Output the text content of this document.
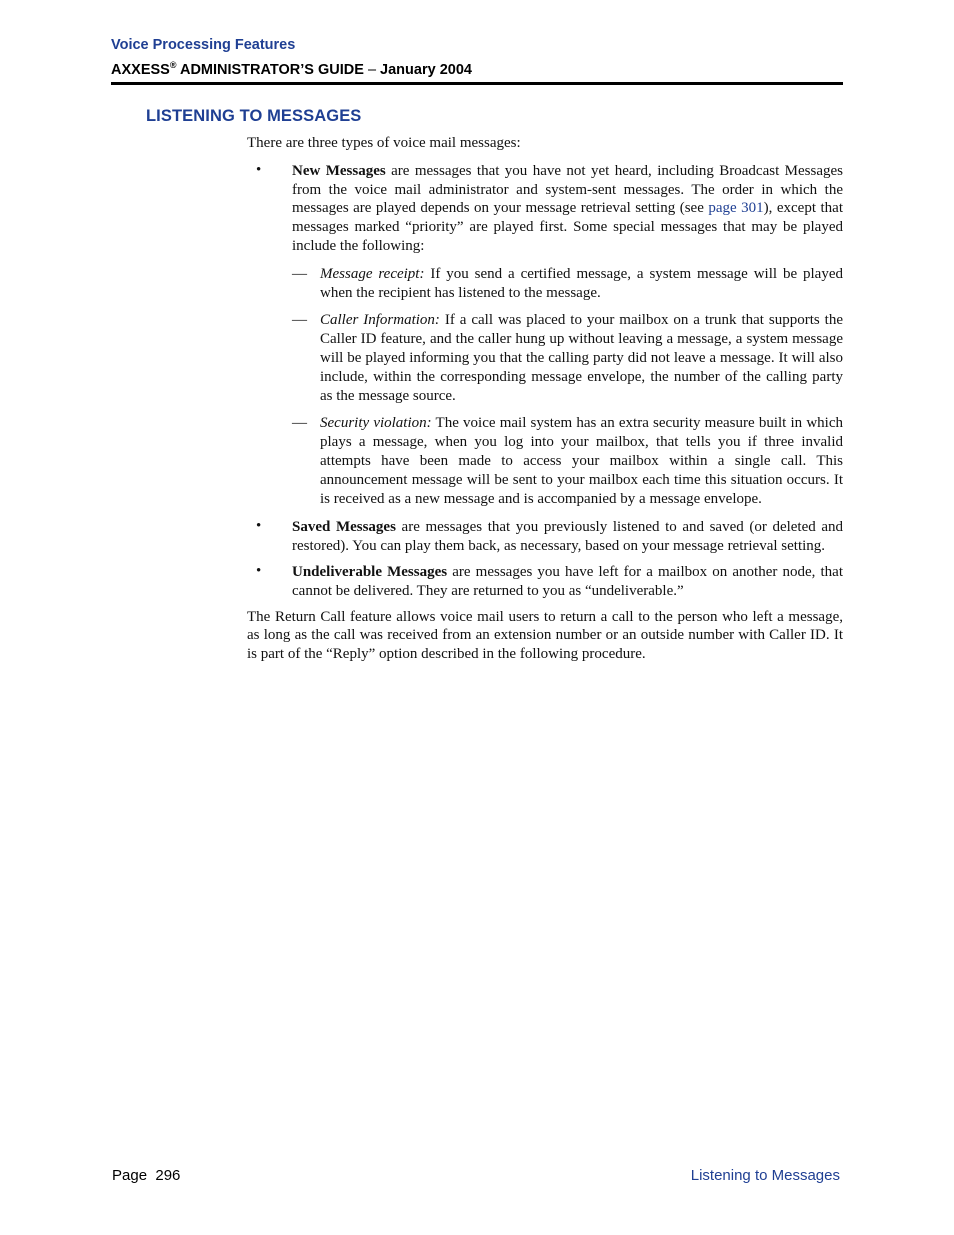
Voice Processing Features
AXXESS® ADMINISTRATOR’S GUIDE – January 2004
LISTENING TO MESSAGES

There are three types of voice mail messages:

• New Messages are messages that you have not yet heard, including Broadcast Messages from the voice mail administrator and system-sent messages. The order in which the messages are played depends on your message retrieval setting (see page 301), except that messages marked “priority” are played first. Some special messages that may be played include the following:

— Message receipt: If you send a certified message, a system message will be played when the recipient has listened to the message.

— Caller Information: If a call was placed to your mailbox on a trunk that supports the Caller ID feature, and the caller hung up without leaving a message, a system message will be played informing you that the calling party did not leave a message. It will also include, within the corresponding message envelope, the number of the calling party as the message source.

— Security violation: The voice mail system has an extra security measure built in which plays a message, when you log into your mailbox, that tells you if three invalid attempts have been made to access your mailbox within a single call. This announcement message will be sent to your mailbox each time this situation occurs. It is received as a new message and is accompanied by a message envelope.

• Saved Messages are messages that you previously listened to and saved (or deleted and restored). You can play them back, as necessary, based on your message retrieval setting.

• Undeliverable Messages are messages you have left for a mailbox on another node, that cannot be delivered. They are returned to you as “undeliverable.”

The Return Call feature allows voice mail users to return a call to the person who left a message, as long as the call was received from an extension number or an outside number with Caller ID. It is part of the “Reply” option described in the following procedure.

Page  296	Listening to Messages
